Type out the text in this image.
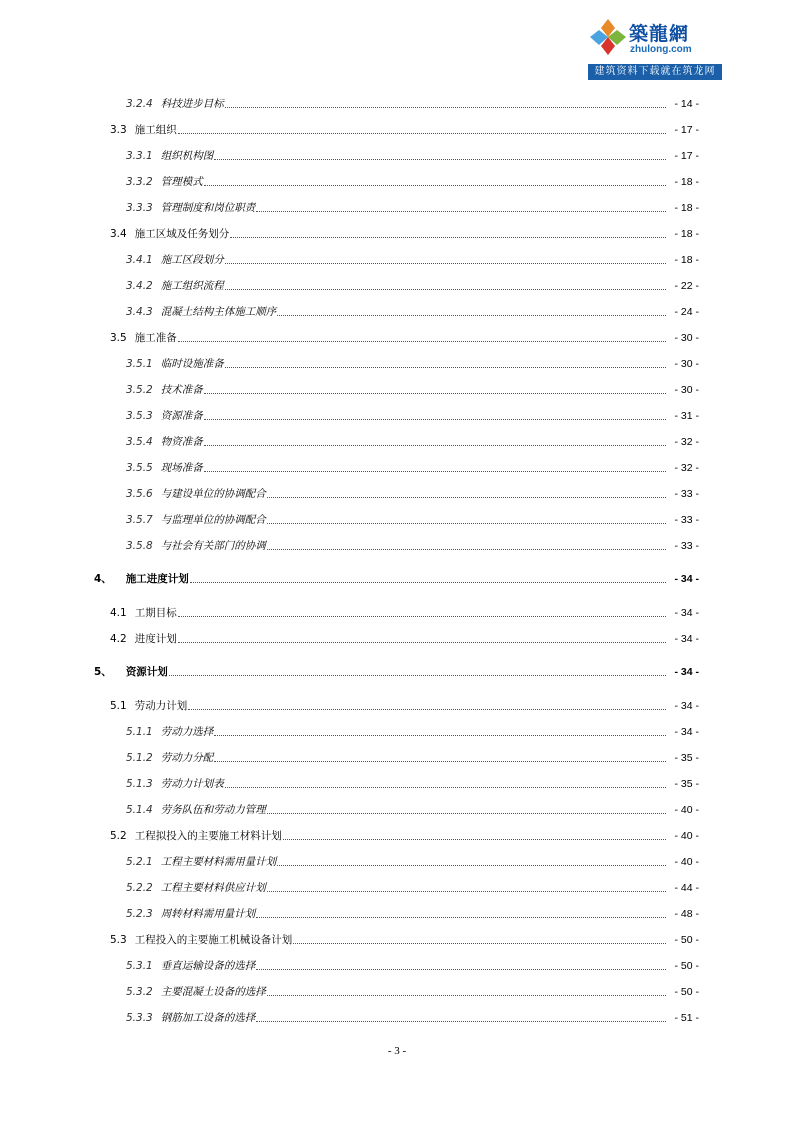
築龍網
zhulong.com
建筑资料下载就在筑龙网
3.2.4 科技进步目标	- 14 -
3.3 施工组织	- 17 -
3.3.1 组织机构图	- 17 -
3.3.2 管理模式	- 18 -
3.3.3 管理制度和岗位职责	- 18 -
3.4 施工区域及任务划分	- 18 -
3.4.1 施工区段划分	- 18 -
3.4.2 施工组织流程	- 22 -
3.4.3 混凝土结构主体施工顺序	- 24 -
3.5 施工准备	- 30 -
3.5.1 临时设施准备	- 30 -
3.5.2 技术准备	- 30 -
3.5.3 资源准备	- 31 -
3.5.4 物资准备	- 32 -
3.5.5 现场准备	- 32 -
3.5.6 与建设单位的协调配合	- 33 -
3.5.7 与监理单位的协调配合	- 33 -
3.5.8 与社会有关部门的协调	- 33 -
4、 施工进度计划	- 34 -
4.1 工期目标	- 34 -
4.2 进度计划	- 34 -
5、 资源计划	- 34 -
5.1 劳动力计划	- 34 -
5.1.1 劳动力选择	- 34 -
5.1.2 劳动力分配	- 35 -
5.1.3 劳动力计划表	- 35 -
5.1.4 劳务队伍和劳动力管理	- 40 -
5.2 工程拟投入的主要施工材料计划	- 40 -
5.2.1 工程主要材料需用量计划	- 40 -
5.2.2 工程主要材料供应计划	- 44 -
5.2.3 周转材料需用量计划	- 48 -
5.3 工程投入的主要施工机械设备计划	- 50 -
5.3.1 垂直运输设备的选择	- 50 -
5.3.2 主要混凝土设备的选择	- 50 -
5.3.3 钢筋加工设备的选择	- 51 -
- 3 -
